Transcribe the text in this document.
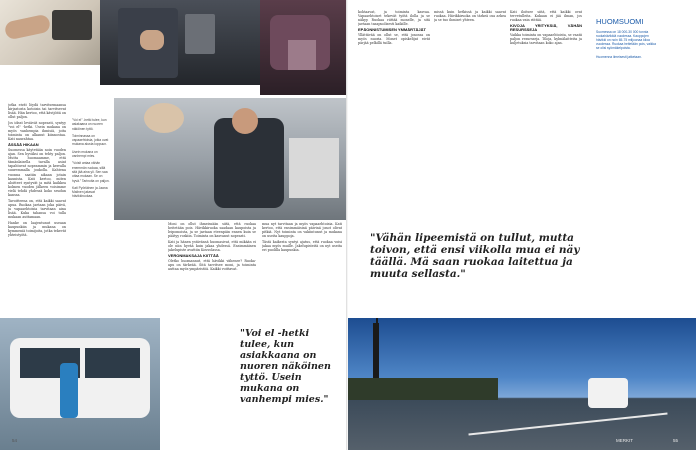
jotka eivät löydä tarvitsemaansa kirjastosta kotoisin tai tarvitsevat lisää. Hän kertoo, että kävijöitä on ollut paljon.

Jos ideat leviävät nopeasti, syntyy "voi el" -hetki. Usein mukana on myös vanhempia ihmisiä, joita toiminta on alkanut kiinnostaa. Kati naurahtaa.

ÄSSÄÄ HIKAAN

Suomessa käytetään noin vuoden ajan. Sen hyväksi on tehty paljon. Mutta huomaamme, että tämänlaisella tavalla asiat tapahtuvat nopeammin ja kerralla suuremmalla joukolla. Kahtena vuonna saatiin aikaan jotain kaunista. Kati kertoo, miten aloitteet syntyvät ja mitä kaikkea kolmen vuoden jälkeen voisimme vielä tehdä yhdessä koko seudun kanssa.

Tavoitteena on, että kaikki saavat apua. Ruokaa jaetaan joka päivä, ja vapaaehtoisia tarvitaan aina lisää. Kuka tahansa voi tulla mukaan auttamaan.

Hanke on laajentunut useaan kaupunkiin ja mukana on kymmeniä toimijoita, jotka tekevät yhteistyötä.

"Voi el" -hetki tulee, kun asiakaana on nuoren näköinen tyttö.

Toiminnassa on vapaaehtoisia, jotka ovat mukana alusta loppuun.

Usein mukana on vanhempi mies.

"Voisit antaa vähän enemmän ruokaa, sillä sitä jää aina yli. Sen saa ottaa mukaan. Se on hyvä." Tarinoita on paljon.

Kati Pyöriäinen ja Jaana Malinen jakavat hävikkiruokaa.

Moni on ollut ihmeissään siitä, että ruokaa heitetään pois. Hävikkiruoka saadaan kaupoista ja leipomoista, ja se jaetaan eteenpäin ennen kuin se päätyy roskiin. Toiminta on kasvanut nopeasti.

Kati ja hänen ystävänsä huomasivat, että mikään ei ole niin hyvää kuin jakaa yhdessä. Ensimmäinen jakelupiste avattiin Kouvolassa.

VERONMAKSAJA KIITTÄÄ

Oletko huomannut, että hävikki vähenee? Ruoka-apu on tärkeää. Sitä tarvitsee moni, ja toiminta auttaa myös ympäristöä. Kaikki voittavat.

mua nyt tarvitaan ja myös vapaaehtoisia. Kati kertoo, että ensimmäisinä päivinä jonot olivat pitkiä. Nyt toiminta on vakiintunut ja mukana on useita kauppoja.

Tästä kaikesta syntyi ajatus, että ruokaa voisi jakaa myös muille. Jakelupisteitä on nyt useita eri puolilla kaupunkia.

"Voi el -hetki tulee, kun asiakkaana on nuoren näköinen tyttö. Usein mukana on vanhempi mies."
54

kohtaavat, ja toiminta kasvaa. Vapaaehtoiset tekevät työtä ilolla ja se näkyy. Ruokaa riittää monelle, ja sitä jaetaan tasapuolisesti kaikille.

EPÄONNISTUMISEN YMMÄRTÄJÄT

Yllättävää on ollut se, että jonossa on myös nuoria. Monet opiskelijat eivät pärjää pelkillä tuilla.

missä kuin hetkissä ja kaikki saavat ruokaa. Hävikkiruoka on tärkeä osa arkea ja se tuo ihmiset yhteen.

Kati iloitsee siitä, että kaikki ovat tervetulleita. Kukaan ei jää ilman, jos ruokaa vain riittää.

KIVOJA YRITYKSIÄ, VÄHÄN RESURSSEJA

Vaikka toiminta on vapaaehtoista, se vaatii paljon resursseja. Tiloja, kylmälaitteita ja kuljetuksia tarvitaan koko ajan.

HUOMSUOMI
Suomessa on 18 000-30 000 tonnia ruokahävikkiä vuodessa. Kauppojen hävikki on noin 65-75 miljoonaa kiloa vuodessa. Ruokaa heitetään pois, vaikka se olisi syömäkelpoista.
Huomenna ilmeisesti jatketaan.
"Vähän lipeemistä on tullut, mutta toivon, että ensi viikolla mua ei näy täällä. Mä saan ruokaa laitettua ja muuta sellasta."
MERKIT	55
